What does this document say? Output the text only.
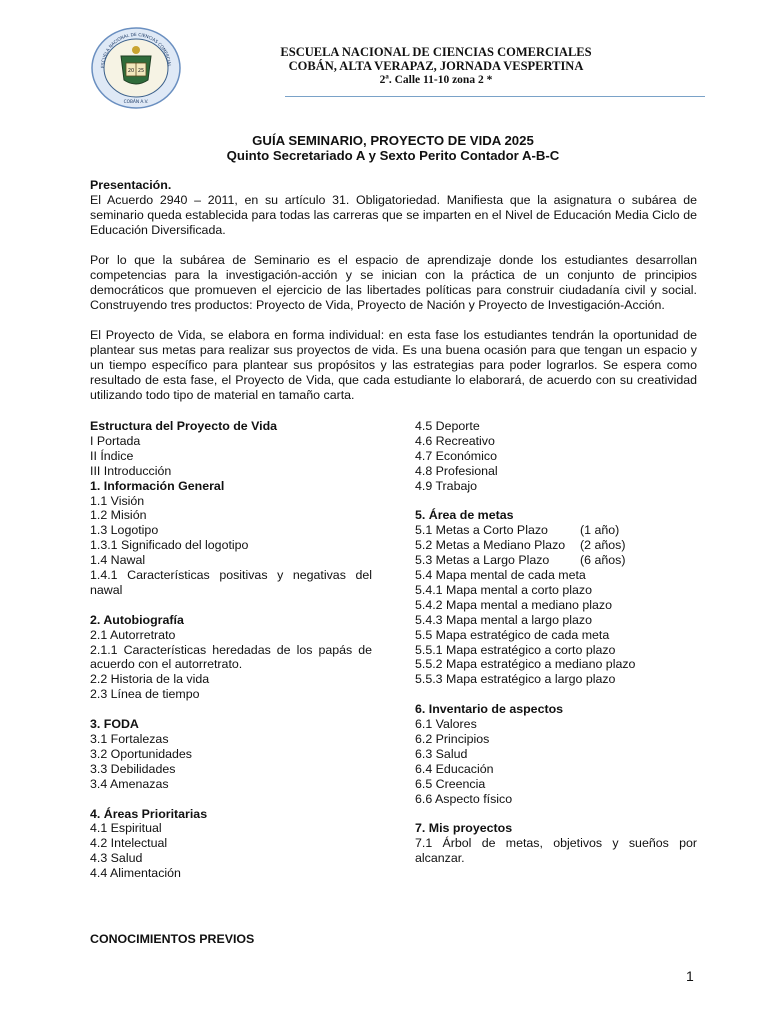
ESCUELA NACIONAL DE CIENCIAS COMERCIAL
20 25
COBÁN A.V.
ESCUELA NACIONAL DE CIENCIAS COMERCIALES
COBÁN, ALTA VERAPAZ, JORNADA VESPERTINA
2ª. Calle 11-10 zona 2 *
GUÍA SEMINARIO, PROYECTO DE VIDA 2025
Quinto Secretariado A y Sexto Perito Contador A-B-C
Presentación.

El Acuerdo 2940 – 2011, en su artículo 31. Obligatoriedad. Manifiesta que la asignatura o subárea de seminario queda establecida para todas las carreras que se imparten en el Nivel de Educación Media Ciclo de Educación Diversificada.

Por lo que la subárea de Seminario es el espacio de aprendizaje donde los estudiantes desarrollan competencias para la investigación-acción y se inician con la práctica de un conjunto de principios democráticos que promueven el ejercicio de las libertades políticas para construir ciudadanía civil y social. Construyendo tres productos: Proyecto de Vida, Proyecto de Nación y Proyecto de Investigación-Acción.

El Proyecto de Vida, se elabora en forma individual: en esta fase los estudiantes tendrán la oportunidad de plantear sus metas para realizar sus proyectos de vida. Es una buena ocasión para que tengan un espacio y un tiempo específico para plantear sus propósitos y las estrategias para poder lograrlos. Se espera como resultado de esta fase, el Proyecto de Vida, que cada estudiante lo elaborará, de acuerdo con su creatividad utilizando todo tipo de material en tamaño carta.

Estructura del Proyecto de Vida
I Portada
II Índice
III Introducción
1. Información General
1.1 Visión
1.2 Misión
1.3 Logotipo
1.3.1 Significado del logotipo
1.4 Nawal
1.4.1 Características positivas y negativas del nawal
2. Autobiografía
2.1 Autorretrato
2.1.1 Características heredadas de los papás de acuerdo con el autorretrato.
2.2 Historia de la vida
2.3 Línea de tiempo
3. FODA
3.1 Fortalezas
3.2 Oportunidades
3.3 Debilidades
3.4 Amenazas
4. Áreas Prioritarias
4.1 Espiritual
4.2 Intelectual
4.3 Salud
4.4 Alimentación
4.5 Deporte
4.6 Recreativo
4.7 Económico
4.8 Profesional
4.9 Trabajo
5. Área de metas
5.1 Metas a Corto Plazo	(1 año)
5.2 Metas a Mediano Plazo	(2 años)
5.3 Metas a Largo Plazo	(6 años)
5.4 Mapa mental de cada meta
5.4.1 Mapa mental a corto plazo
5.4.2 Mapa mental a mediano plazo
5.4.3 Mapa mental a largo plazo
5.5 Mapa estratégico de cada meta
5.5.1 Mapa estratégico a corto plazo
5.5.2 Mapa estratégico a mediano plazo
5.5.3 Mapa estratégico a largo plazo
6. Inventario de aspectos
6.1 Valores
6.2 Principios
6.3 Salud
6.4 Educación
6.5 Creencia
6.6 Aspecto físico
7. Mis proyectos
7.1 Árbol de metas, objetivos y sueños por alcanzar.
CONOCIMIENTOS PREVIOS
1
